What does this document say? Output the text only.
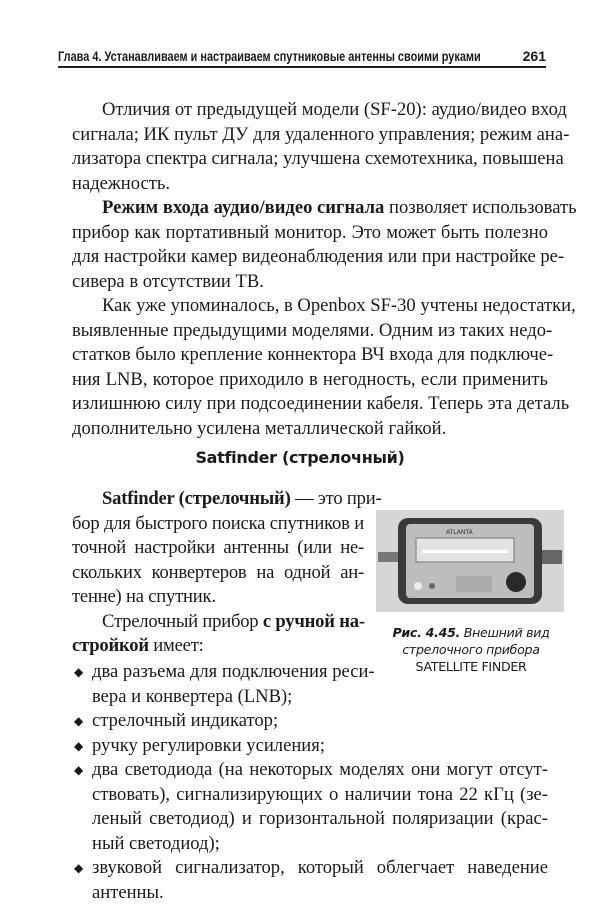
Глава 4. Устанавливаем и настраиваем спутниковые антенны своими руками	261
Отличия от предыдущей модели (SF-20): аудио/видео вход
сигнала; ИК пульт ДУ для удаленного управления; режим ана-
лизатора спектра сигнала; улучшена схемотехника, повышена
надежность.
Режим входа аудио/видео сигнала позволяет использовать
прибор как портативный монитор. Это может быть полезно
для настройки камер видеонаблюдения или при настройке ре-
сивера в отсутствии ТВ.
Как уже упоминалось, в Openbox SF-30 учтены недостатки,
выявленные предыдущими моделями. Одним из таких недо-
статков было крепление коннектора ВЧ входа для подключе-
ния LNB, которое приходило в негодность, если применить
излишнюю силу при подсоединении кабеля. Теперь эта деталь
дополнительно усилена металлической гайкой.
Satfinder (стрелочный)
Satfinder (стрелочный) — это при-
бор для быстрого поиска спутников и
точной настройки антенны (или не-
скольких конвертеров на одной ан-
тенне) на спутник.
Стрелочный прибор с ручной на-
стройкой имеет:
◆ два разъема для подключения реси-
вера и конвертера (LNB);
◆ стрелочный индикатор;
◆ ручку регулировки усиления;
◆ два светодиода (на некоторых моделях они могут отсут-
ствовать), сигнализирующих о наличии тона 22 кГц (зе-
леный светодиод) и горизонтальной поляризации (крас-
ный светодиод);
◆ звуковой сигнализатор, который облегчает наведение
антенны.
ATLANTA
Рис. 4.45. Внешний вид стрелочного прибора
SATELLITE FINDER
